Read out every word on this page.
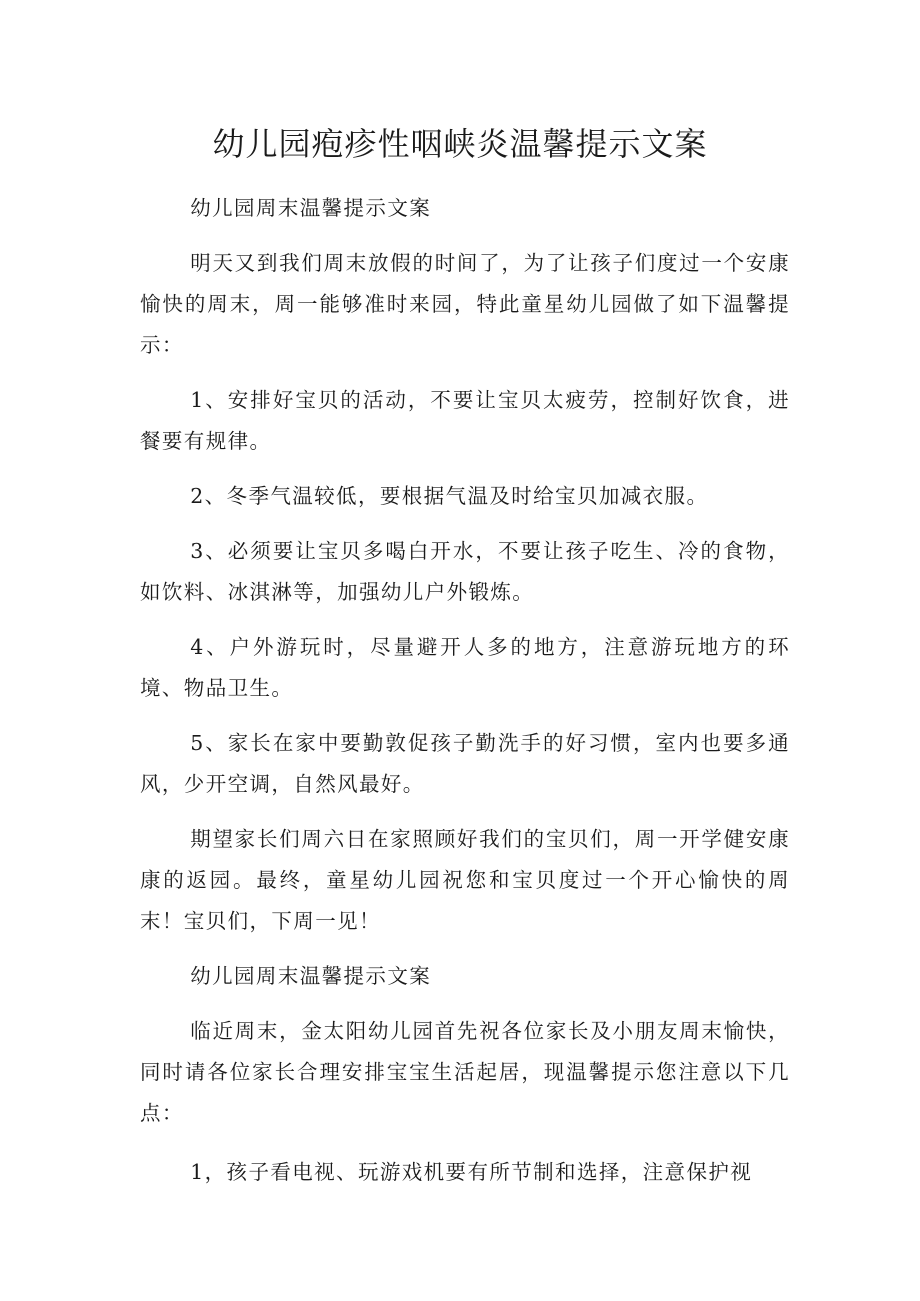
幼儿园疱疹性咽峡炎温馨提示文案

幼儿园周末温馨提示文案

明天又到我们周末放假的时间了，为了让孩子们度过一个安康愉快的周末，周一能够准时来园，特此童星幼儿园做了如下温馨提示：

1、安排好宝贝的活动，不要让宝贝太疲劳，控制好饮食，进餐要有规律。

2、冬季气温较低，要根据气温及时给宝贝加减衣服。

3、必须要让宝贝多喝白开水，不要让孩子吃生、冷的食物，如饮料、冰淇淋等，加强幼儿户外锻炼。

4、户外游玩时，尽量避开人多的地方，注意游玩地方的环境、物品卫生。

5、家长在家中要勤敦促孩子勤洗手的好习惯，室内也要多通风，少开空调，自然风最好。

期望家长们周六日在家照顾好我们的宝贝们，周一开学健安康康的返园。最终，童星幼儿园祝您和宝贝度过一个开心愉快的周末！宝贝们，下周一见！

幼儿园周末温馨提示文案

临近周末，金太阳幼儿园首先祝各位家长及小朋友周末愉快，同时请各位家长合理安排宝宝生活起居，现温馨提示您注意以下几点：

1，孩子看电视、玩游戏机要有所节制和选择，注意保护视
